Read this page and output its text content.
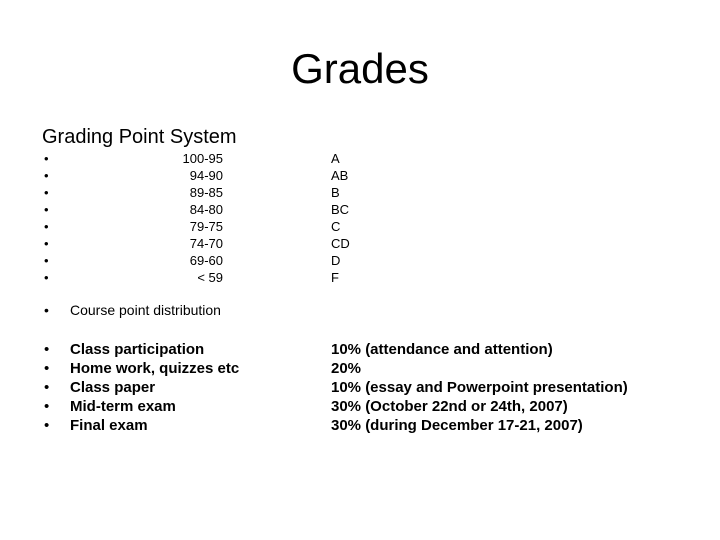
Grades
Grading Point System
•	100-95	A
•	94-90	AB
•	89-85	B
•	84-80	BC
•	79-75	C
•	74-70	CD
•	69-60	D
•	< 59	F
• Course point distribution
• Class participation	10% (attendance and attention)
• Home work, quizzes etc	20%
• Class paper	10% (essay and Powerpoint presentation)
• Mid-term exam	30% (October 22nd or 24th, 2007)
• Final exam	30% (during December 17-21, 2007)
